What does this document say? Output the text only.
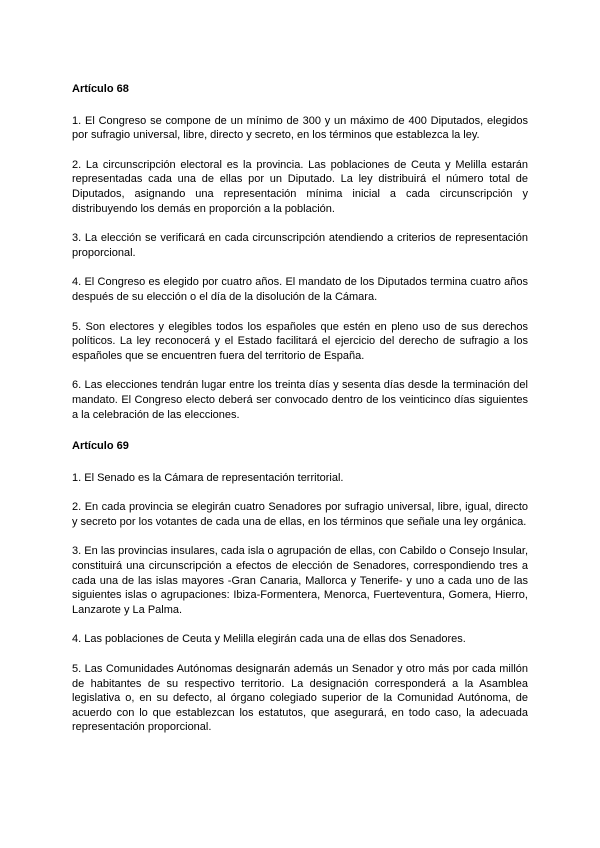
Artículo 68

1. El Congreso se compone de un mínimo de 300 y un máximo de 400 Diputados, elegidos por sufragio universal, libre, directo y secreto, en los términos que establezca la ley.

2. La circunscripción electoral es la provincia. Las poblaciones de Ceuta y Melilla estarán representadas cada una de ellas por un Diputado. La ley distribuirá el número total de Diputados, asignando una representación mínima inicial a cada circunscripción y distribuyendo los demás en proporción a la población.

3. La elección se verificará en cada circunscripción atendiendo a criterios de representación proporcional.

4. El Congreso es elegido por cuatro años. El mandato de los Diputados termina cuatro años después de su elección o el día de la disolución de la Cámara.

5. Son electores y elegibles todos los españoles que estén en pleno uso de sus derechos políticos. La ley reconocerá y el Estado facilitará el ejercicio del derecho de sufragio a los españoles que se encuentren fuera del territorio de España.

6. Las elecciones tendrán lugar entre los treinta días y sesenta días desde la terminación del mandato. El Congreso electo deberá ser convocado dentro de los veinticinco días siguientes a la celebración de las elecciones.

Artículo 69

1. El Senado es la Cámara de representación territorial.

2. En cada provincia se elegirán cuatro Senadores por sufragio universal, libre, igual, directo y secreto por los votantes de cada una de ellas, en los términos que señale una ley orgánica.

3. En las provincias insulares, cada isla o agrupación de ellas, con Cabildo o Consejo Insular, constituirá una circunscripción a efectos de elección de Senadores, correspondiendo tres a cada una de las islas mayores -Gran Canaria, Mallorca y Tenerife- y uno a cada uno de las siguientes islas o agrupaciones: Ibiza-Formentera, Menorca, Fuerteventura, Gomera, Hierro, Lanzarote y La Palma.

4. Las poblaciones de Ceuta y Melilla elegirán cada una de ellas dos Senadores.

5. Las Comunidades Autónomas designarán además un Senador y otro más por cada millón de habitantes de su respectivo territorio. La designación corresponderá a la Asamblea legislativa o, en su defecto, al órgano colegiado superior de la Comunidad Autónoma, de acuerdo con lo que establezcan los estatutos, que asegurará, en todo caso, la adecuada representación proporcional.
